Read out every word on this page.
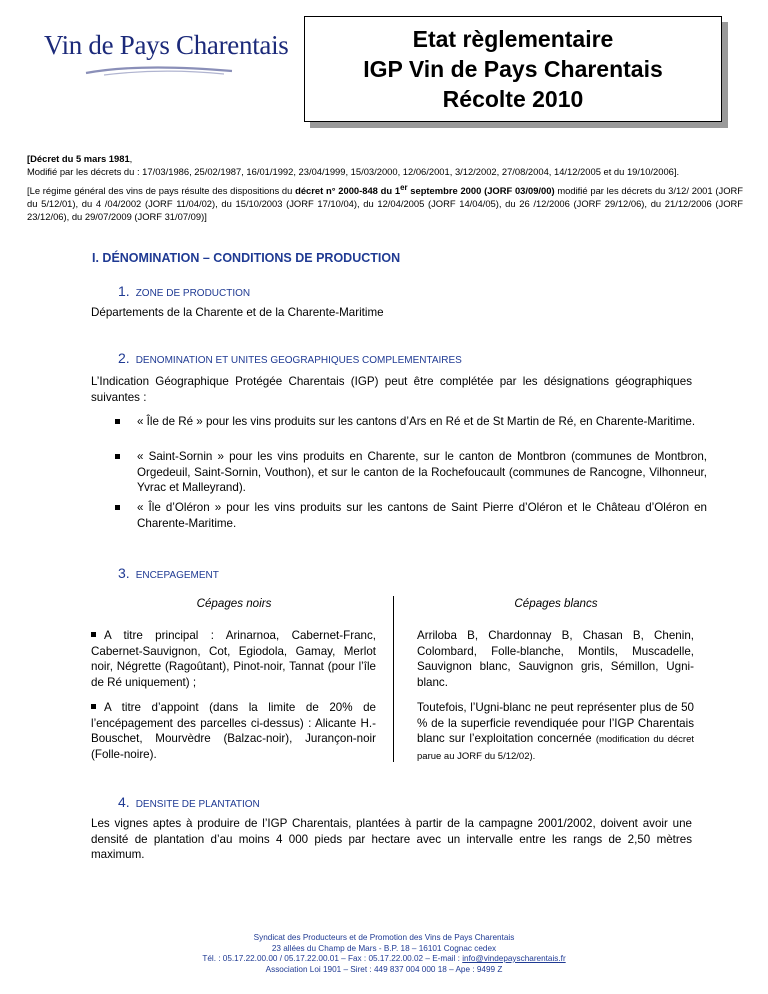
Vin de Pays Charentais	Etat règlementaire
IGP Vin de Pays Charentais
Récolte 2010

[Décret du 5 mars 1981,

Modifié par les décrets du : 17/03/1986, 25/02/1987, 16/01/1992, 23/04/1999, 15/03/2000, 12/06/2001, 3/12/2002, 27/08/2004, 14/12/2005 et du 19/10/2006].

[Le régime général des vins de pays résulte des dispositions du décret n° 2000-848 du 1er septembre 2000 (JORF 03/09/00) modifié par les décrets du 3/12/ 2001 (JORF du 5/12/01), du 4 /04/2002 (JORF 11/04/02), du 15/10/2003 (JORF 17/10/04), du 12/04/2005 (JORF 14/04/05), du 26 /12/2006 (JORF 29/12/06), du 21/12/2006 (JORF 23/12/06), du 29/07/2009 (JORF 31/07/09)]

I. DÉNOMINATION – CONDITIONS DE PRODUCTION
1. ZONE DE PRODUCTION
Départements de la Charente et de la Charente-Maritime
2. DENOMINATION ET UNITES GEOGRAPHIQUES COMPLEMENTAIRES
L’Indication Géographique Protégée Charentais (IGP) peut être complétée par les désignations géographiques suivantes :
« Île de Ré » pour les vins produits sur les cantons d’Ars en Ré et de St Martin de Ré, en Charente-Maritime.
« Saint-Sornin » pour les vins produits en Charente, sur le canton de Montbron (communes de Montbron, Orgedeuil, Saint-Sornin, Vouthon), et sur le canton de la Rochefoucault (communes de Rancogne, Vilhonneur, Yvrac et Malleyrand).
« Île d’Oléron » pour les vins produits sur les cantons de Saint Pierre d’Oléron et le Château d’Oléron en Charente-Maritime.
3. ENCEPAGEMENT
Cépages noirs	Cépages blancs
A titre principal : Arinarnoa, Cabernet-Franc, Cabernet-Sauvignon, Cot, Egiodola, Gamay, Merlot noir, Négrette (Ragoûtant), Pinot-noir, Tannat (pour l’île de Ré uniquement) ;
A titre d’appoint (dans la limite de 20% de l’encépagement des parcelles ci-dessus) : Alicante H.-Bouschet, Mourvèdre (Balzac-noir), Jurançon-noir (Folle-noire).
Arriloba B, Chardonnay B, Chasan B, Chenin, Colombard, Folle-blanche, Montils, Muscadelle, Sauvignon blanc, Sauvignon gris, Sémillon, Ugni-blanc.
Toutefois, l’Ugni-blanc ne peut représenter plus de 50 % de la superficie revendiquée pour l’IGP Charentais blanc sur l’exploitation concernée (modification du décret parue au JORF du 5/12/02).
4. DENSITE DE PLANTATION
Les vignes aptes à produire de l’IGP Charentais, plantées à partir de la campagne 2001/2002, doivent avoir une densité de plantation d’au moins 4 000 pieds par hectare avec un intervalle entre les rangs de 2,50 mètres maximum.
Syndicat des Producteurs et de Promotion des Vins de Pays Charentais
23 allées du Champ de Mars - B.P. 18 – 16101 Cognac cedex
Tél. : 05.17.22.00.00 / 05.17.22.00.01 – Fax : 05.17.22.00.02 – E-mail : info@vindepayscharentais.fr
Association Loi 1901 – Siret : 449 837 004 000 18 – Ape : 9499 Z
